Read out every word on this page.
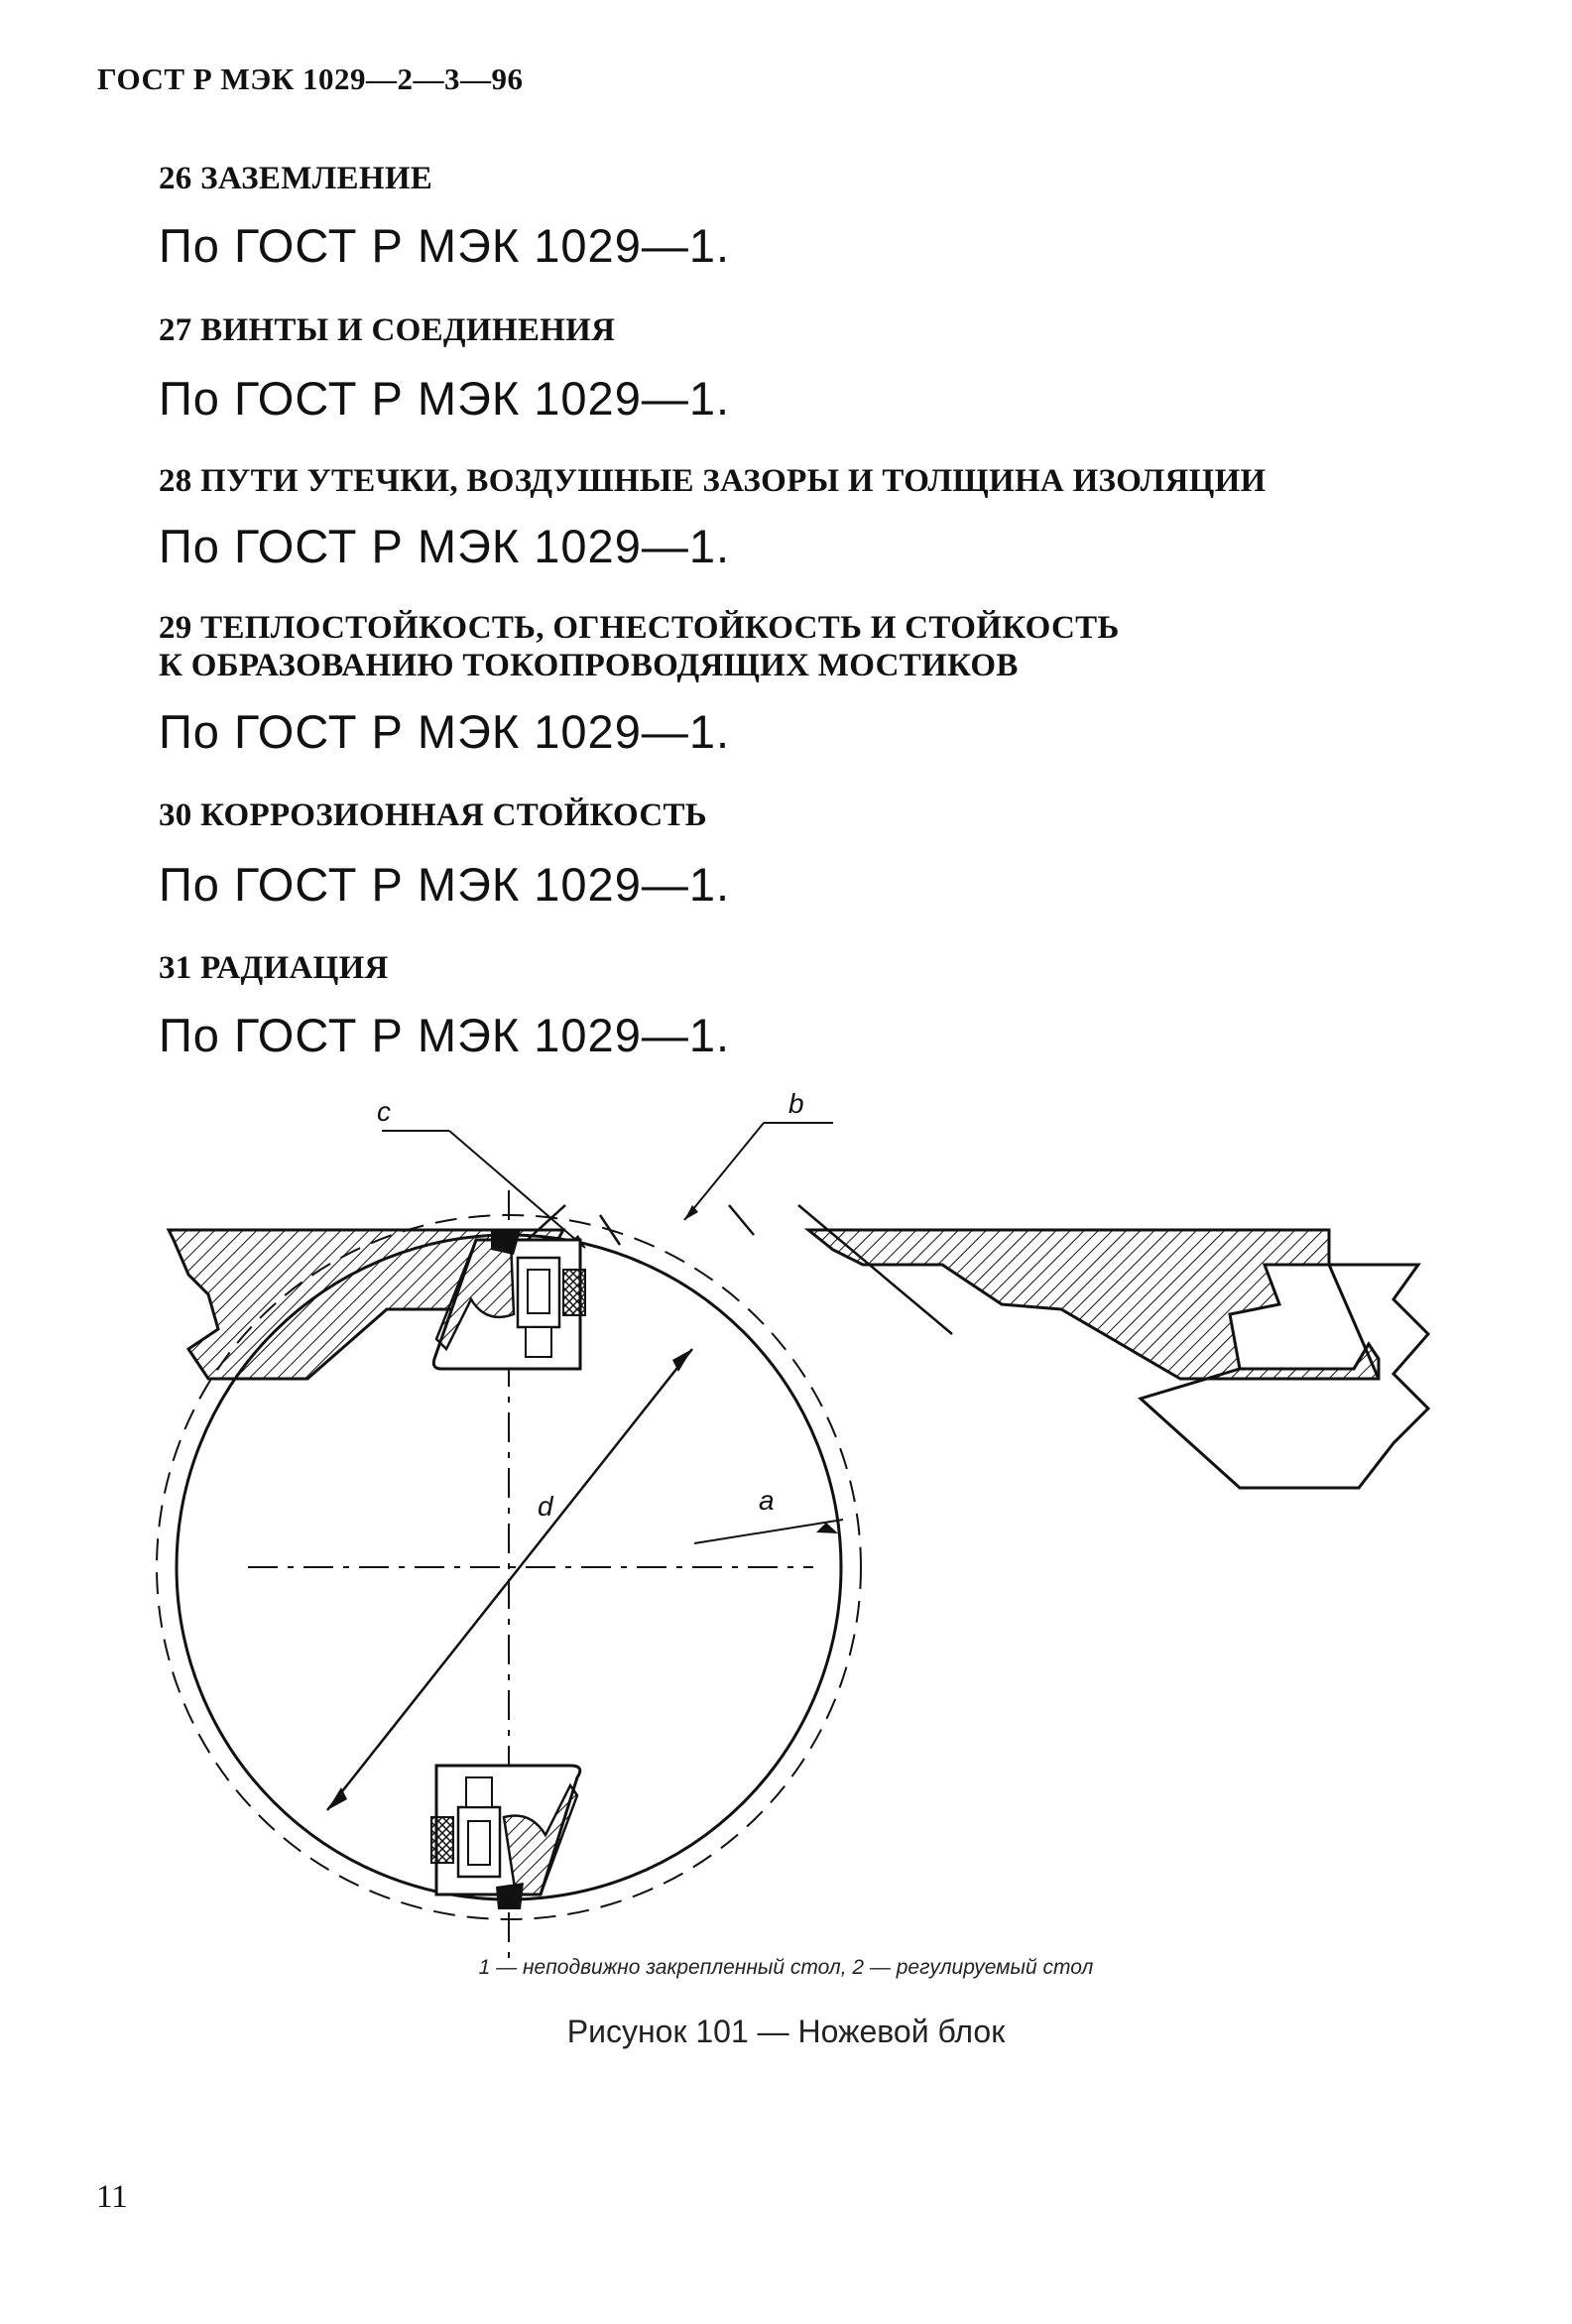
ГОСТ Р МЭК 1029—2—3—96
26 ЗАЗЕМЛЕНИЕ
По ГОСТ Р МЭК 1029—1.
27 ВИНТЫ И СОЕДИНЕНИЯ
По ГОСТ Р МЭК 1029—1.
28 ПУТИ УТЕЧКИ, ВОЗДУШНЫЕ ЗАЗОРЫ И ТОЛЩИНА ИЗОЛЯЦИИ
По ГОСТ Р МЭК 1029—1.
29 ТЕПЛОСТОЙКОСТЬ, ОГНЕСТОЙКОСТЬ И СТОЙКОСТЬ
К ОБРАЗОВАНИЮ ТОКОПРОВОДЯЩИХ МОСТИКОВ
По ГОСТ Р МЭК 1029—1.
30 КОРРОЗИОННАЯ СТОЙКОСТЬ
По ГОСТ Р МЭК 1029—1.
31 РАДИАЦИЯ
По ГОСТ Р МЭК 1029—1.
c	b
d	a
1 — неподвижно закрепленный стол, 2 — регулируемый стол
Рисунок 101 — Ножевой блок
11
